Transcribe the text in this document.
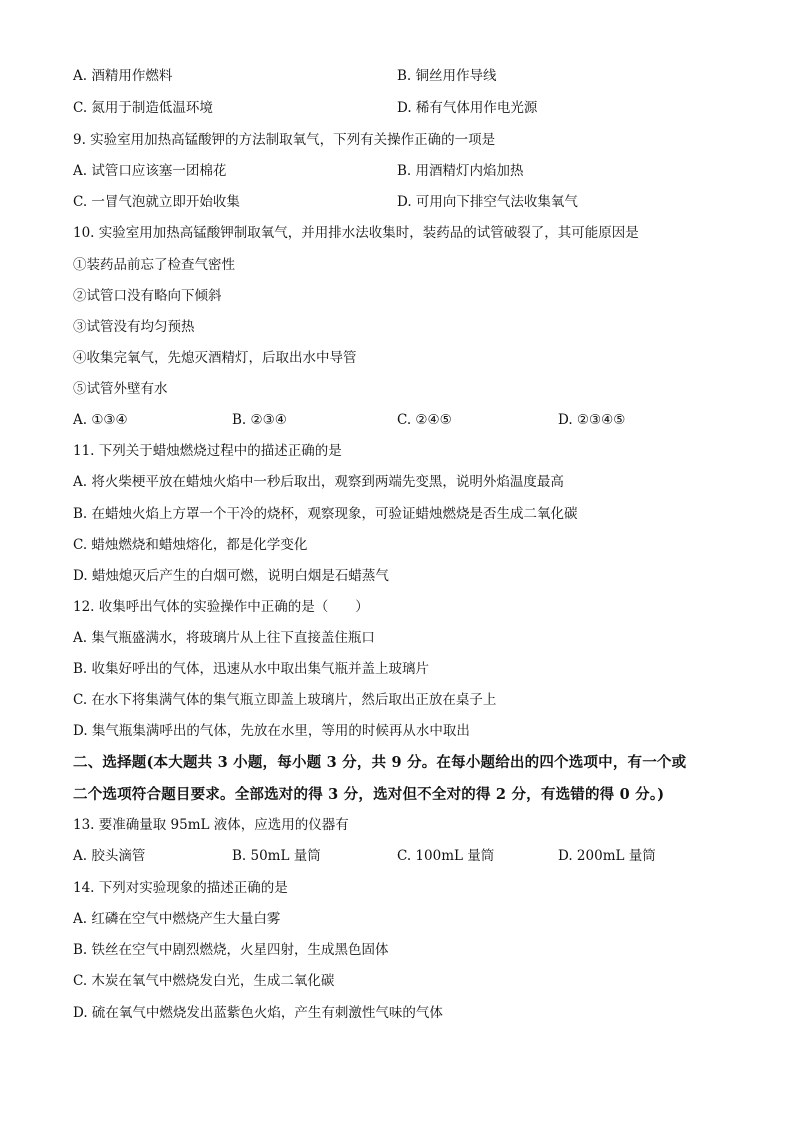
A. 酒精用作燃料	B. 铜丝用作导线
C. 氮用于制造低温环境	D. 稀有气体用作电光源
9. 实验室用加热高锰酸钾的方法制取氧气，下列有关操作正确的一项是
A. 试管口应该塞一团棉花	B. 用酒精灯内焰加热
C. 一冒气泡就立即开始收集	D. 可用向下排空气法收集氧气
10. 实验室用加热高锰酸钾制取氧气，并用排水法收集时，装药品的试管破裂了，其可能原因是
①装药品前忘了检查气密性
②试管口没有略向下倾斜
③试管没有均匀预热
④收集完氧气，先熄灭酒精灯，后取出水中导管
⑤试管外壁有水
A. ①③④	B. ②③④	C. ②④⑤	D. ②③④⑤
11. 下列关于蜡烛燃烧过程中的描述正确的是
A. 将火柴梗平放在蜡烛火焰中一秒后取出，观察到两端先变黑，说明外焰温度最高
B. 在蜡烛火焰上方罩一个干冷的烧杯，观察现象，可验证蜡烛燃烧是否生成二氧化碳
C. 蜡烛燃烧和蜡烛熔化，都是化学变化
D. 蜡烛熄灭后产生的白烟可燃，说明白烟是石蜡蒸气
12. 收集呼出气体的实验操作中正确的是（　　）
A. 集气瓶盛满水，将玻璃片从上往下直接盖住瓶口
B. 收集好呼出的气体，迅速从水中取出集气瓶并盖上玻璃片
C. 在水下将集满气体的集气瓶立即盖上玻璃片，然后取出正放在桌子上
D. 集气瓶集满呼出的气体，先放在水里，等用的时候再从水中取出
二、选择题(本大题共 3 小题，每小题 3 分，共 9 分。在每小题给出的四个选项中，有一个或
二个选项符合题目要求。全部选对的得 3 分，选对但不全对的得 2 分，有选错的得 0 分。)
13. 要准确量取 95mL 液体，应选用的仪器有
A. 胶头滴管	B. 50mL 量筒	C. 100mL 量筒	D. 200mL 量筒
14. 下列对实验现象的描述正确的是
A. 红磷在空气中燃烧产生大量白雾
B. 铁丝在空气中剧烈燃烧，火星四射，生成黑色固体
C. 木炭在氧气中燃烧发白光，生成二氧化碳
D. 硫在氧气中燃烧发出蓝紫色火焰，产生有刺激性气味的气体
